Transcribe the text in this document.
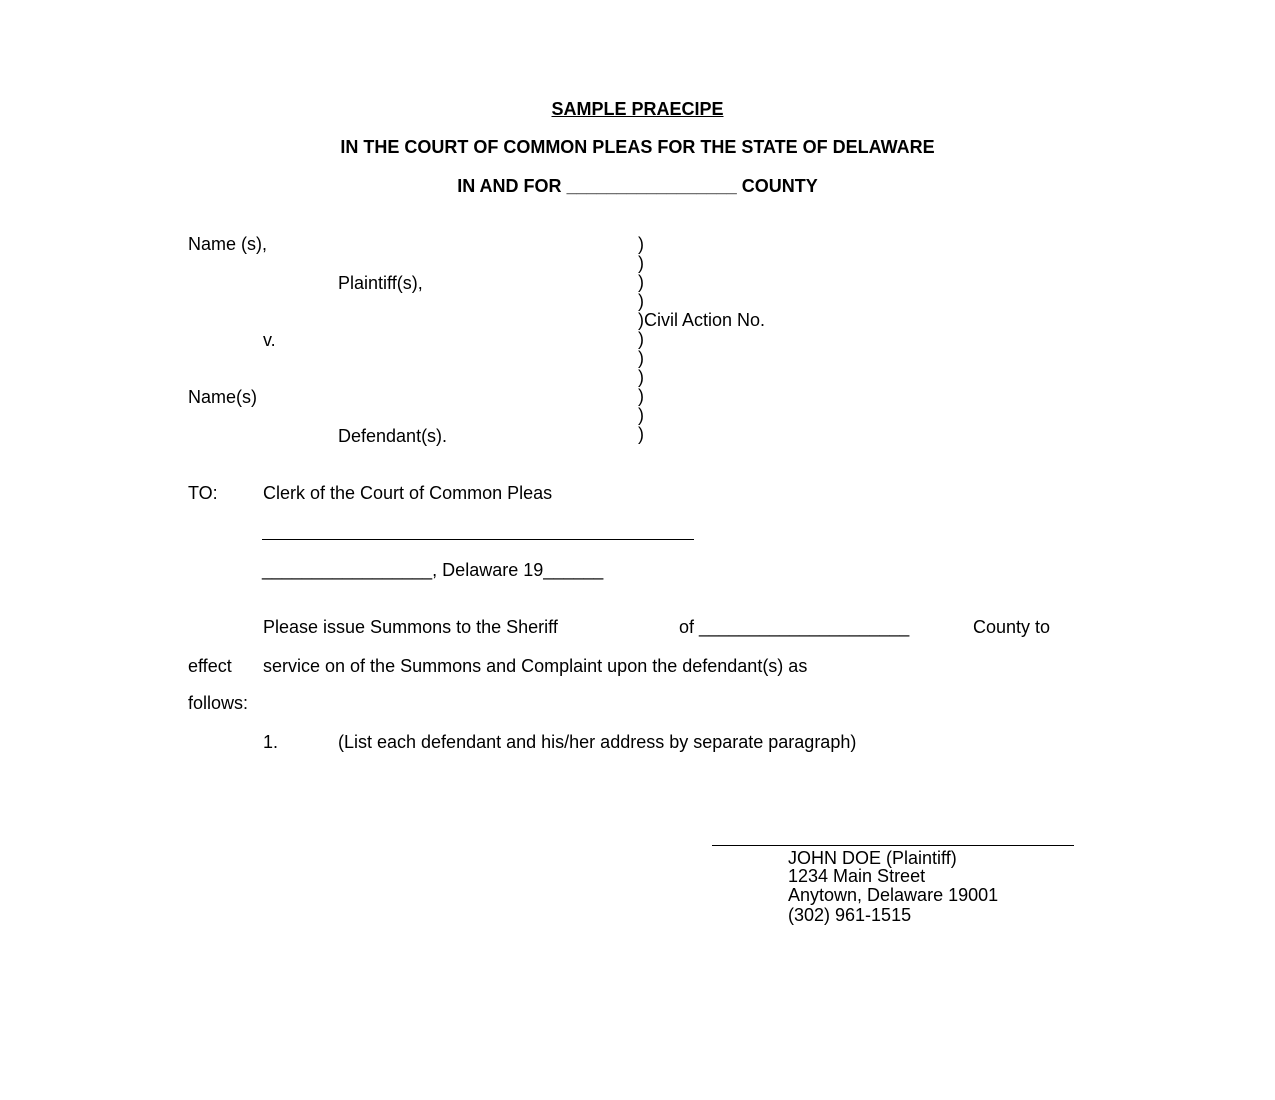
SAMPLE PRAECIPE
IN THE COURT OF COMMON PLEAS FOR THE STATE OF DELAWARE
IN AND FOR _________________ COUNTY
Name (s),
Plaintiff(s),
v.
Name(s)
Defendant(s).
)
)
)
)
)Civil Action No.
)
)
)
)
)
)
TO:	Clerk of the Court of Common Pleas
_________________, Delaware 19______
Please issue Summons to the Sheriff	of _____________________	County to
effect service on of the Summons and Complaint upon the defendant(s) as
follows:
1.	(List each defendant and his/her address by separate paragraph)
JOHN DOE (Plaintiff)
1234 Main Street
Anytown, Delaware 19001
(302) 961-1515
